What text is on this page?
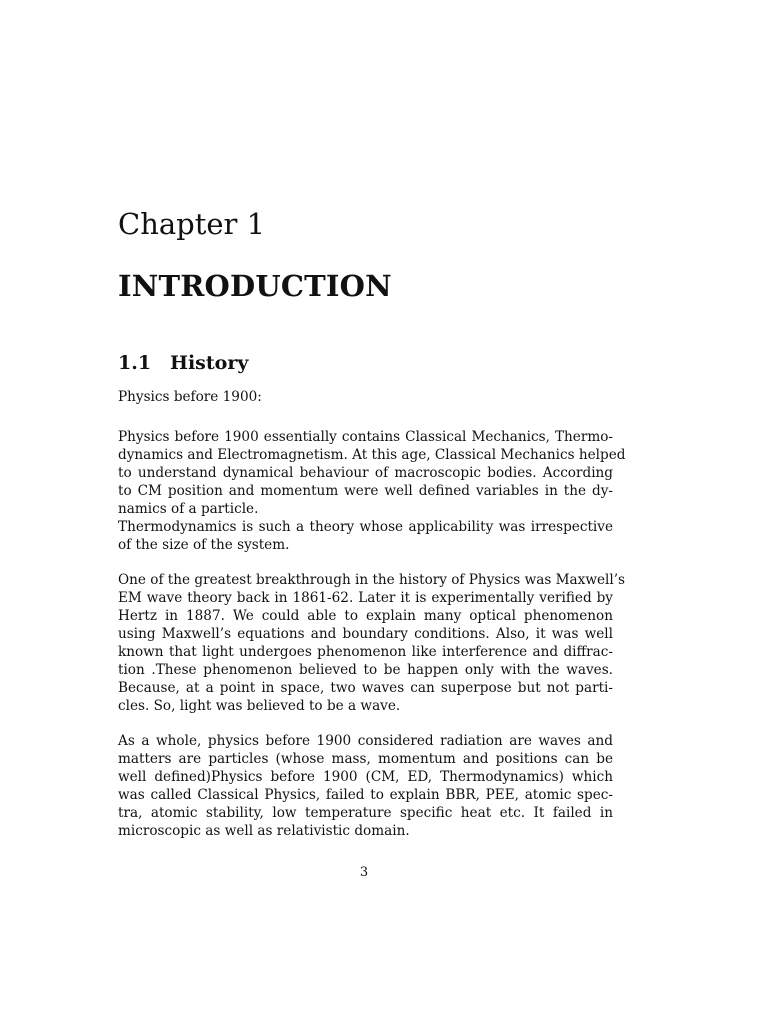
Chapter 1
INTRODUCTION
1.1 History

Physics before 1900:

Physics before 1900 essentially contains Classical Mechanics, Thermo-
dynamics and Electromagnetism. At this age, Classical Mechanics helped
to understand dynamical behaviour of macroscopic bodies. According
to CM position and momentum were well defined variables in the dy-
namics of a particle.
Thermodynamics is such a theory whose applicability was irrespective
of the size of the system.

One of the greatest breakthrough in the history of Physics was Maxwell’s
EM wave theory back in 1861-62. Later it is experimentally verified by
Hertz in 1887. We could able to explain many optical phenomenon
using Maxwell’s equations and boundary conditions. Also, it was well
known that light undergoes phenomenon like interference and diffrac-
tion .These phenomenon believed to be happen only with the waves.
Because, at a point in space, two waves can superpose but not parti-
cles. So, light was believed to be a wave.

As a whole, physics before 1900 considered radiation are waves and
matters are particles (whose mass, momentum and positions can be
well defined)Physics before 1900 (CM, ED, Thermodynamics) which
was called Classical Physics, failed to explain BBR, PEE, atomic spec-
tra, atomic stability, low temperature specific heat etc. It failed in
microscopic as well as relativistic domain.

3
